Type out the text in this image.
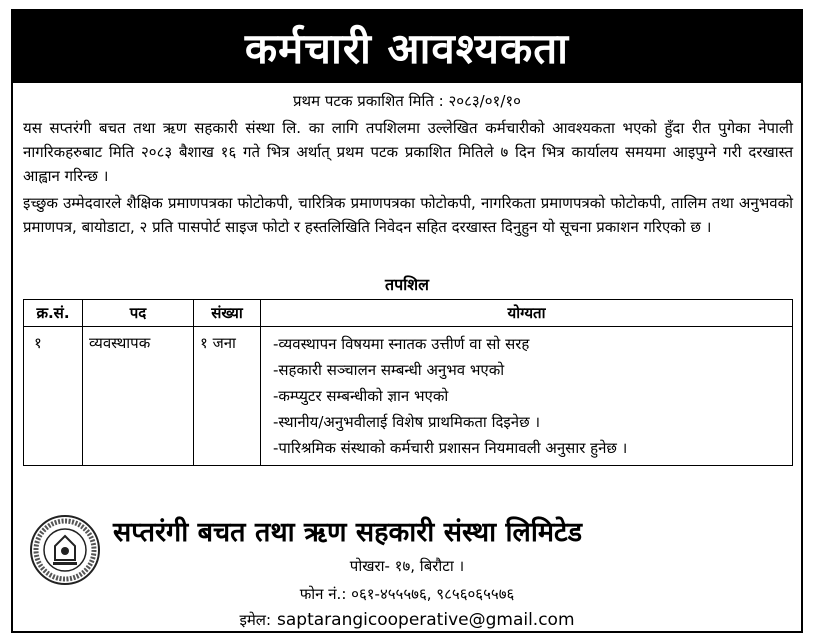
कर्मचारी आवश्यकता
प्रथम पटक प्रकाशित मिति : २०८३/०१/१०
यस सप्तरंगी बचत तथा ऋण सहकारी संस्था लि. का लागि तपशिलमा उल्लेखित कर्मचारीको आवश्यकता भएको हुँदा रीत पुगेका नेपाली नागरिकहरुबाट मिति २०८३ बैशाख १६ गते भित्र अर्थात् प्रथम पटक प्रकाशित मितिले ७ दिन भित्र कार्यालय समयमा आइपुग्ने गरी दरखास्त आह्वान गरिन्छ ।
इच्छुक उम्मेदवारले शैक्षिक प्रमाणपत्रका फोटोकपी, चारित्रिक प्रमाणपत्रका फोटोकपी, नागरिकता प्रमाणपत्रको फोटोकपी, तालिम तथा अनुभवको प्रमाणपत्र, बायोडाटा, २ प्रति पासपोर्ट साइज फोटो र हस्तलिखिति निवेदन सहित दरखास्त दिनुहुन यो सूचना प्रकाशन गरिएको छ ।
तपशिल
क्र.सं.	पद	संख्या	योग्यता
१	व्यवस्थापक	१ जना	-व्यवस्थापन विषयमा स्नातक उत्तीर्ण वा सो सरह
-सहकारी सञ्चालन सम्बन्धी अनुभव भएको
-कम्प्युटर सम्बन्धीको ज्ञान भएको
-स्थानीय/अनुभवीलाई विशेष प्राथमिकता दिइनेछ ।
-पारिश्रमिक संस्थाको कर्मचारी प्रशासन नियमावली अनुसार हुनेछ ।
सप्तरंगी बचत तथा ऋण सहकारी संस्था लिमिटेड
पोखरा- १७, बिरौटा ।
फोन नं.: ०६१-४५५५७६, ९८५६०६५५७६
इमेल: saptarangicooperative@gmail.com
